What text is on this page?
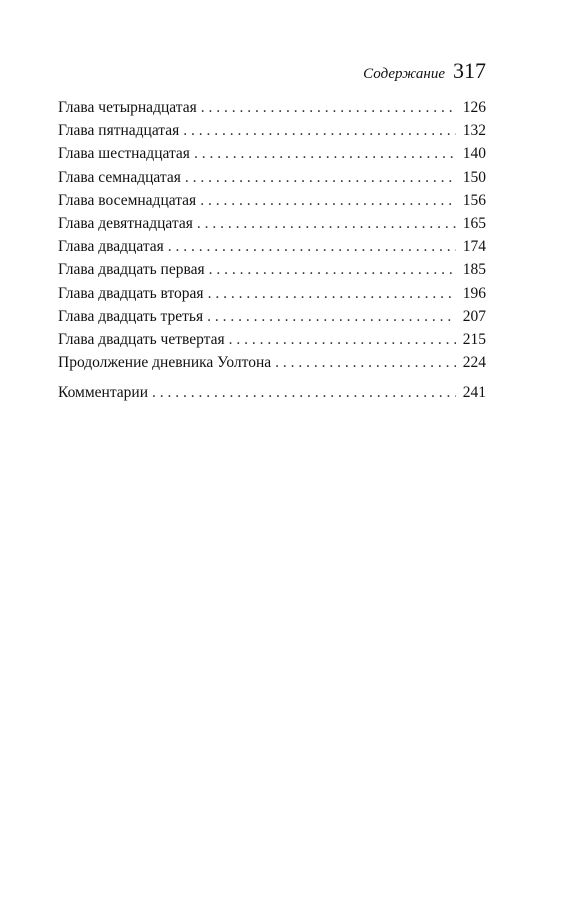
Содержание 317
Глава четырнадцатая . . .	126
Глава пятнадцатая . . .	132
Глава шестнадцатая . . .	140
Глава семнадцатая . . .	150
Глава восемнадцатая . . .	156
Глава девятнадцатая . . .	165
Глава двадцатая . . .	174
Глава двадцать первая . . .	185
Глава двадцать вторая . . .	196
Глава двадцать третья . . .	207
Глава двадцать четвертая . . .	215
Продолжение дневника Уолтона . . .	224
Комментарии . . .	241
